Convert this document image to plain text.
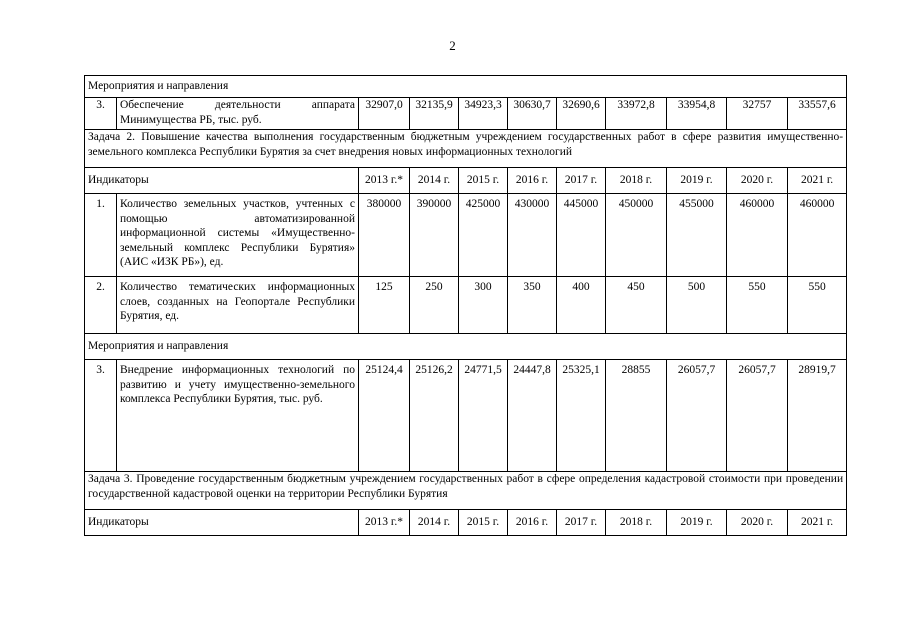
2
Мероприятия и направления										
3.	Обеспечение деятельности аппарата Минимущества РБ, тыс. руб.	32907,0	32135,9	34923,3	30630,7	32690,6	33972,8	33954,8	32757	33557,6
Задача 2. Повышение качества выполнения государственным бюджетным учреждением государственных работ в сфере развития имущественно-земельного комплекса Республики Бурятия за счет внедрения новых информационных технологий										
Индикаторы		2013 г.*	2014 г.	2015 г.	2016 г.	2017 г.	2018 г.	2019 г.	2020 г.	2021 г.
1.	Количество земельных участков, учтенных с помощью автоматизированной информационной системы «Имущественно-земельный комплекс Республики Бурятия» (АИС «ИЗК РБ»), ед.	380000	390000	425000	430000	445000	450000	455000	460000	460000
2.	Количество тематических информационных слоев, созданных на Геопортале Республики Бурятия, ед.	125	250	300	350	400	450	500	550	550
Мероприятия и направления										
3.	Внедрение информационных технологий по развитию и учету имущественно-земельного комплекса Республики Бурятия, тыс. руб.	25124,4	25126,2	24771,5	24447,8	25325,1	28855	26057,7	26057,7	28919,7
Задача 3. Проведение государственным бюджетным учреждением государственных работ в сфере определения кадастровой стоимости при проведении государственной кадастровой оценки на территории Республики Бурятия										
Индикаторы		2013 г.*	2014 г.	2015 г.	2016 г.	2017 г.	2018 г.	2019 г.	2020 г.	2021 г.
